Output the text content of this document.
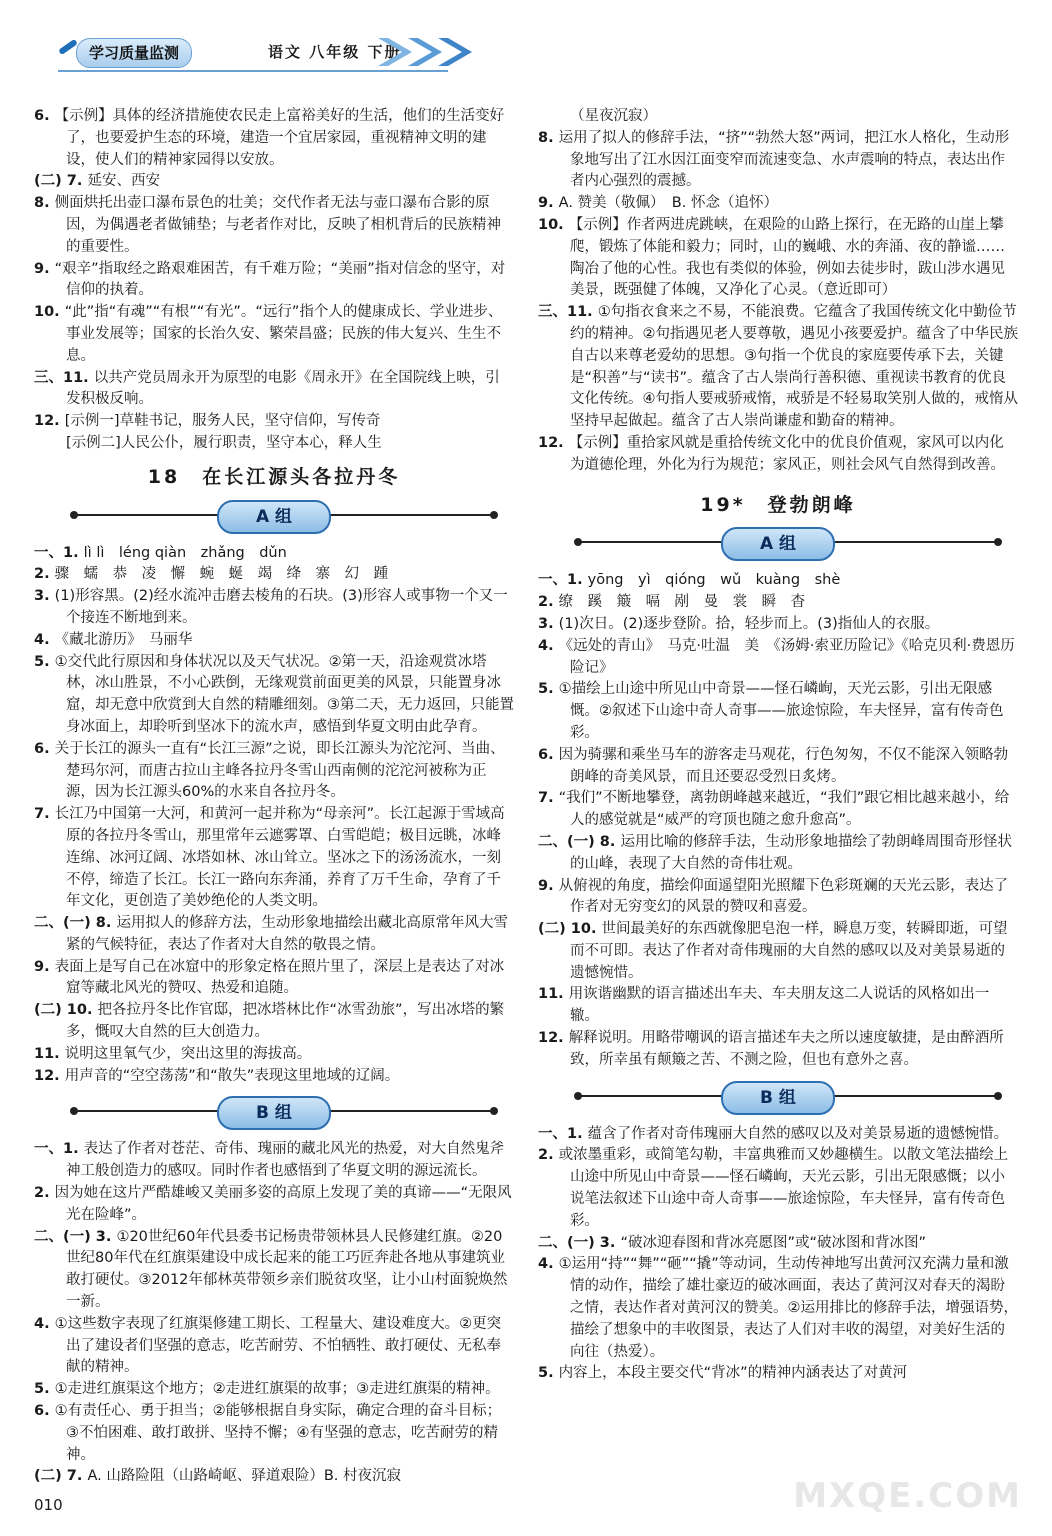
学习质量监测	语文 八年级 下册

6. 【示例】具体的经济措施使农民走上富裕美好的生活，他们的生活变好了，也要爱护生态的环境，建造一个宜居家园，重视精神文明的建设，使人们的精神家园得以安放。

(二) 7. 延安、西安

8. 侧面烘托出壶口瀑布景色的壮美；交代作者无法与壶口瀑布合影的原因，为偶遇老者做铺垫；与老者作对比，反映了相机背后的民族精神的重要性。

9. “艰辛”指取经之路艰难困苦，有千难万险；“美丽”指对信念的坚守，对信仰的执着。

10. “此”指“有魂”“有根”“有光”。“远行”指个人的健康成长、学业进步、事业发展等；国家的长治久安、繁荣昌盛；民族的伟大复兴、生生不息。

三、11. 以共产党员周永开为原型的电影《周永开》在全国院线上映，引发积极反响。

12. [示例一]草鞋书记，服务人民，坚守信仰，写传奇

[示例二]人民公仆，履行职责，坚守本心，释人生

18　在长江源头各拉丹冬
A 组

一、1. lì lì　léng qiàn　zhǎng　dǔn

2. 骤　蠕　恭　凌　懈　蜿　蜒　竭　绛　寨　幻　踵

3. (1)形容黑。(2)经水流冲击磨去棱角的石块。(3)形容人或事物一个又一个接连不断地到来。

4. 《藏北游历》　马丽华

5. ①交代此行原因和身体状况以及天气状况。②第一天，沿途观赏冰塔林，冰山胜景，不小心跌倒，无缘观赏前面更美的风景，只能置身冰窟，却无意中欣赏到大自然的精雕细刻。③第二天，无力返回，只能置身冰面上，却聆听到坚冰下的流水声，感悟到华夏文明由此孕育。

6. 关于长江的源头一直有“长江三源”之说，即长江源头为沱沱河、当曲、楚玛尔河，而唐古拉山主峰各拉丹冬雪山西南侧的沱沱河被称为正源，因为长江源头60%的水来自各拉丹冬。

7. 长江乃中国第一大河，和黄河一起并称为“母亲河”。长江起源于雪域高原的各拉丹冬雪山，那里常年云遮雾罩、白雪皑皑；极目远眺，冰峰连绵、冰河辽阔、冰塔如林、冰山耸立。坚冰之下的汤汤流水，一刻不停，缔造了长江。长江一路向东奔涌，养育了万千生命，孕育了千年文化，更创造了美妙绝伦的人类文明。

二、(一) 8. 运用拟人的修辞方法，生动形象地描绘出藏北高原常年风大雪紧的气候特征，表达了作者对大自然的敬畏之情。

9. 表面上是写自己在冰窟中的形象定格在照片里了，深层上是表达了对冰窟等藏北风光的赞叹、热爱和追随。

(二) 10. 把各拉丹冬比作官邸，把冰塔林比作“冰雪劲旅”，写出冰塔的繁多，慨叹大自然的巨大创造力。

11. 说明这里氧气少，突出这里的海拔高。

12. 用声音的“空空荡荡”和“散失”表现这里地域的辽阔。

B 组

一、1. 表达了作者对苍茫、奇伟、瑰丽的藏北风光的热爱，对大自然鬼斧神工般创造力的感叹。同时作者也感悟到了华夏文明的源远流长。

2. 因为她在这片严酷雄峻又美丽多姿的高原上发现了美的真谛——“无限风光在险峰”。

二、(一) 3. ①20世纪60年代县委书记杨贵带领林县人民修建红旗。②20世纪80年代在红旗渠建设中成长起来的能工巧匠奔赴各地从事建筑业敢打硬仗。③2012年郁林英带领乡亲们脱贫攻坚，让小山村面貌焕然一新。

4. ①这些数字表现了红旗渠修建工期长、工程量大、建设难度大。②更突出了建设者们坚强的意志，吃苦耐劳、不怕牺牲、敢打硬仗、无私奉献的精神。

5. ①走进红旗渠这个地方；②走进红旗渠的故事；③走进红旗渠的精神。

6. ①有责任心、勇于担当；②能够根据自身实际，确定合理的奋斗目标；③不怕困难、敢打敢拼、坚持不懈；④有坚强的意志，吃苦耐劳的精神。

(二) 7. A. 山路险阻（山路崎岖、驿道艰险）B. 村夜沉寂

（星夜沉寂）

8. 运用了拟人的修辞手法，“挤”“勃然大怒”两词，把江水人格化，生动形象地写出了江水因江面变窄而流速变急、水声震响的特点，表达出作者内心强烈的震撼。

9. A. 赞美（敬佩）　B. 怀念（追怀）

10. 【示例】作者两进虎跳峡，在艰险的山路上探行，在无路的山崖上攀爬，锻炼了体能和毅力；同时，山的巍峨、水的奔涌、夜的静谧……陶冶了他的心性。我也有类似的体验，例如去徒步时，跋山涉水遇见美景，既强健了体魄，又净化了心灵。（意近即可）

三、11. ①句指衣食来之不易，不能浪费。它蕴含了我国传统文化中勤俭节约的精神。②句指遇见老人要尊敬，遇见小孩要爱护。蕴含了中华民族自古以来尊老爱幼的思想。③句指一个优良的家庭要传承下去，关键是“积善”与“读书”。蕴含了古人崇尚行善积德、重视读书教育的优良文化传统。④句指人要戒骄戒惰，戒骄是不轻易取笑别人做的，戒惰从坚持早起做起。蕴含了古人崇尚谦虚和勤奋的精神。

12. 【示例】重拾家风就是重拾传统文化中的优良价值观，家风可以内化为道德伦理，外化为行为规范；家风正，则社会风气自然得到改善。

19*　登勃朗峰
A 组

一、1. yōng　yì　qióng　wǔ　kuàng　shè

2. 缭　蹊　簸　嗝　剐　曼　裳　瞬　杳

3. (1)次日。(2)逐步登阶。拾，轻步而上。(3)指仙人的衣服。

4. 《远处的青山》　马克·吐温　美　《汤姆·索亚历险记》《哈克贝利·费恩历险记》

5. ①描绘上山途中所见山中奇景——怪石嶙峋，天光云影，引出无限感慨。②叙述下山途中奇人奇事——旅途惊险，车夫怪异，富有传奇色彩。

6. 因为骑骡和乘坐马车的游客走马观花，行色匆匆，不仅不能深入领略勃朗峰的奇美风景，而且还要忍受烈日炙烤。

7. “我们”不断地攀登，离勃朗峰越来越近，“我们”跟它相比越来越小，给人的感觉就是“威严的穹顶也随之愈升愈高”。

二、(一) 8. 运用比喻的修辞手法，生动形象地描绘了勃朗峰周围奇形怪状的山峰，表现了大自然的奇伟壮观。

9. 从俯视的角度，描绘仰面遥望阳光照耀下色彩斑斓的天光云影，表达了作者对无穷变幻的风景的赞叹和喜爱。

(二) 10. 世间最美好的东西就像肥皂泡一样，瞬息万变，转瞬即逝，可望而不可即。表达了作者对奇伟瑰丽的大自然的感叹以及对美景易逝的遗憾惋惜。

11. 用诙谐幽默的语言描述出车夫、车夫朋友这二人说话的风格如出一辙。

12. 解释说明。用略带嘲讽的语言描述车夫之所以速度敏捷，是由醉酒所致，所幸虽有颠簸之苦、不测之险，但也有意外之喜。

B 组

一、1. 蕴含了作者对奇伟瑰丽大自然的感叹以及对美景易逝的遗憾惋惜。

2. 或浓墨重彩，或简笔勾勒，丰富典雅而又妙趣横生。以散文笔法描绘上山途中所见山中奇景——怪石嶙峋，天光云影，引出无限感慨；以小说笔法叙述下山途中奇人奇事——旅途惊险，车夫怪异，富有传奇色彩。

二、(一) 3. “破冰迎春图和背冰亮愿图”或“破冰图和背冰图”

4. ①运用“持”“舞”“砸”“撬”等动词，生动传神地写出黄河汉充满力量和激情的动作，描绘了雄壮豪迈的破冰画面，表达了黄河汉对春天的渴盼之情，表达作者对黄河汉的赞美。②运用排比的修辞手法，增强语势，描绘了想象中的丰收图景，表达了人们对丰收的渴望，对美好生活的向往（热爱）。

5. 内容上，本段主要交代“背冰”的精神内涵表达了对黄河

010	MXQE.COM
